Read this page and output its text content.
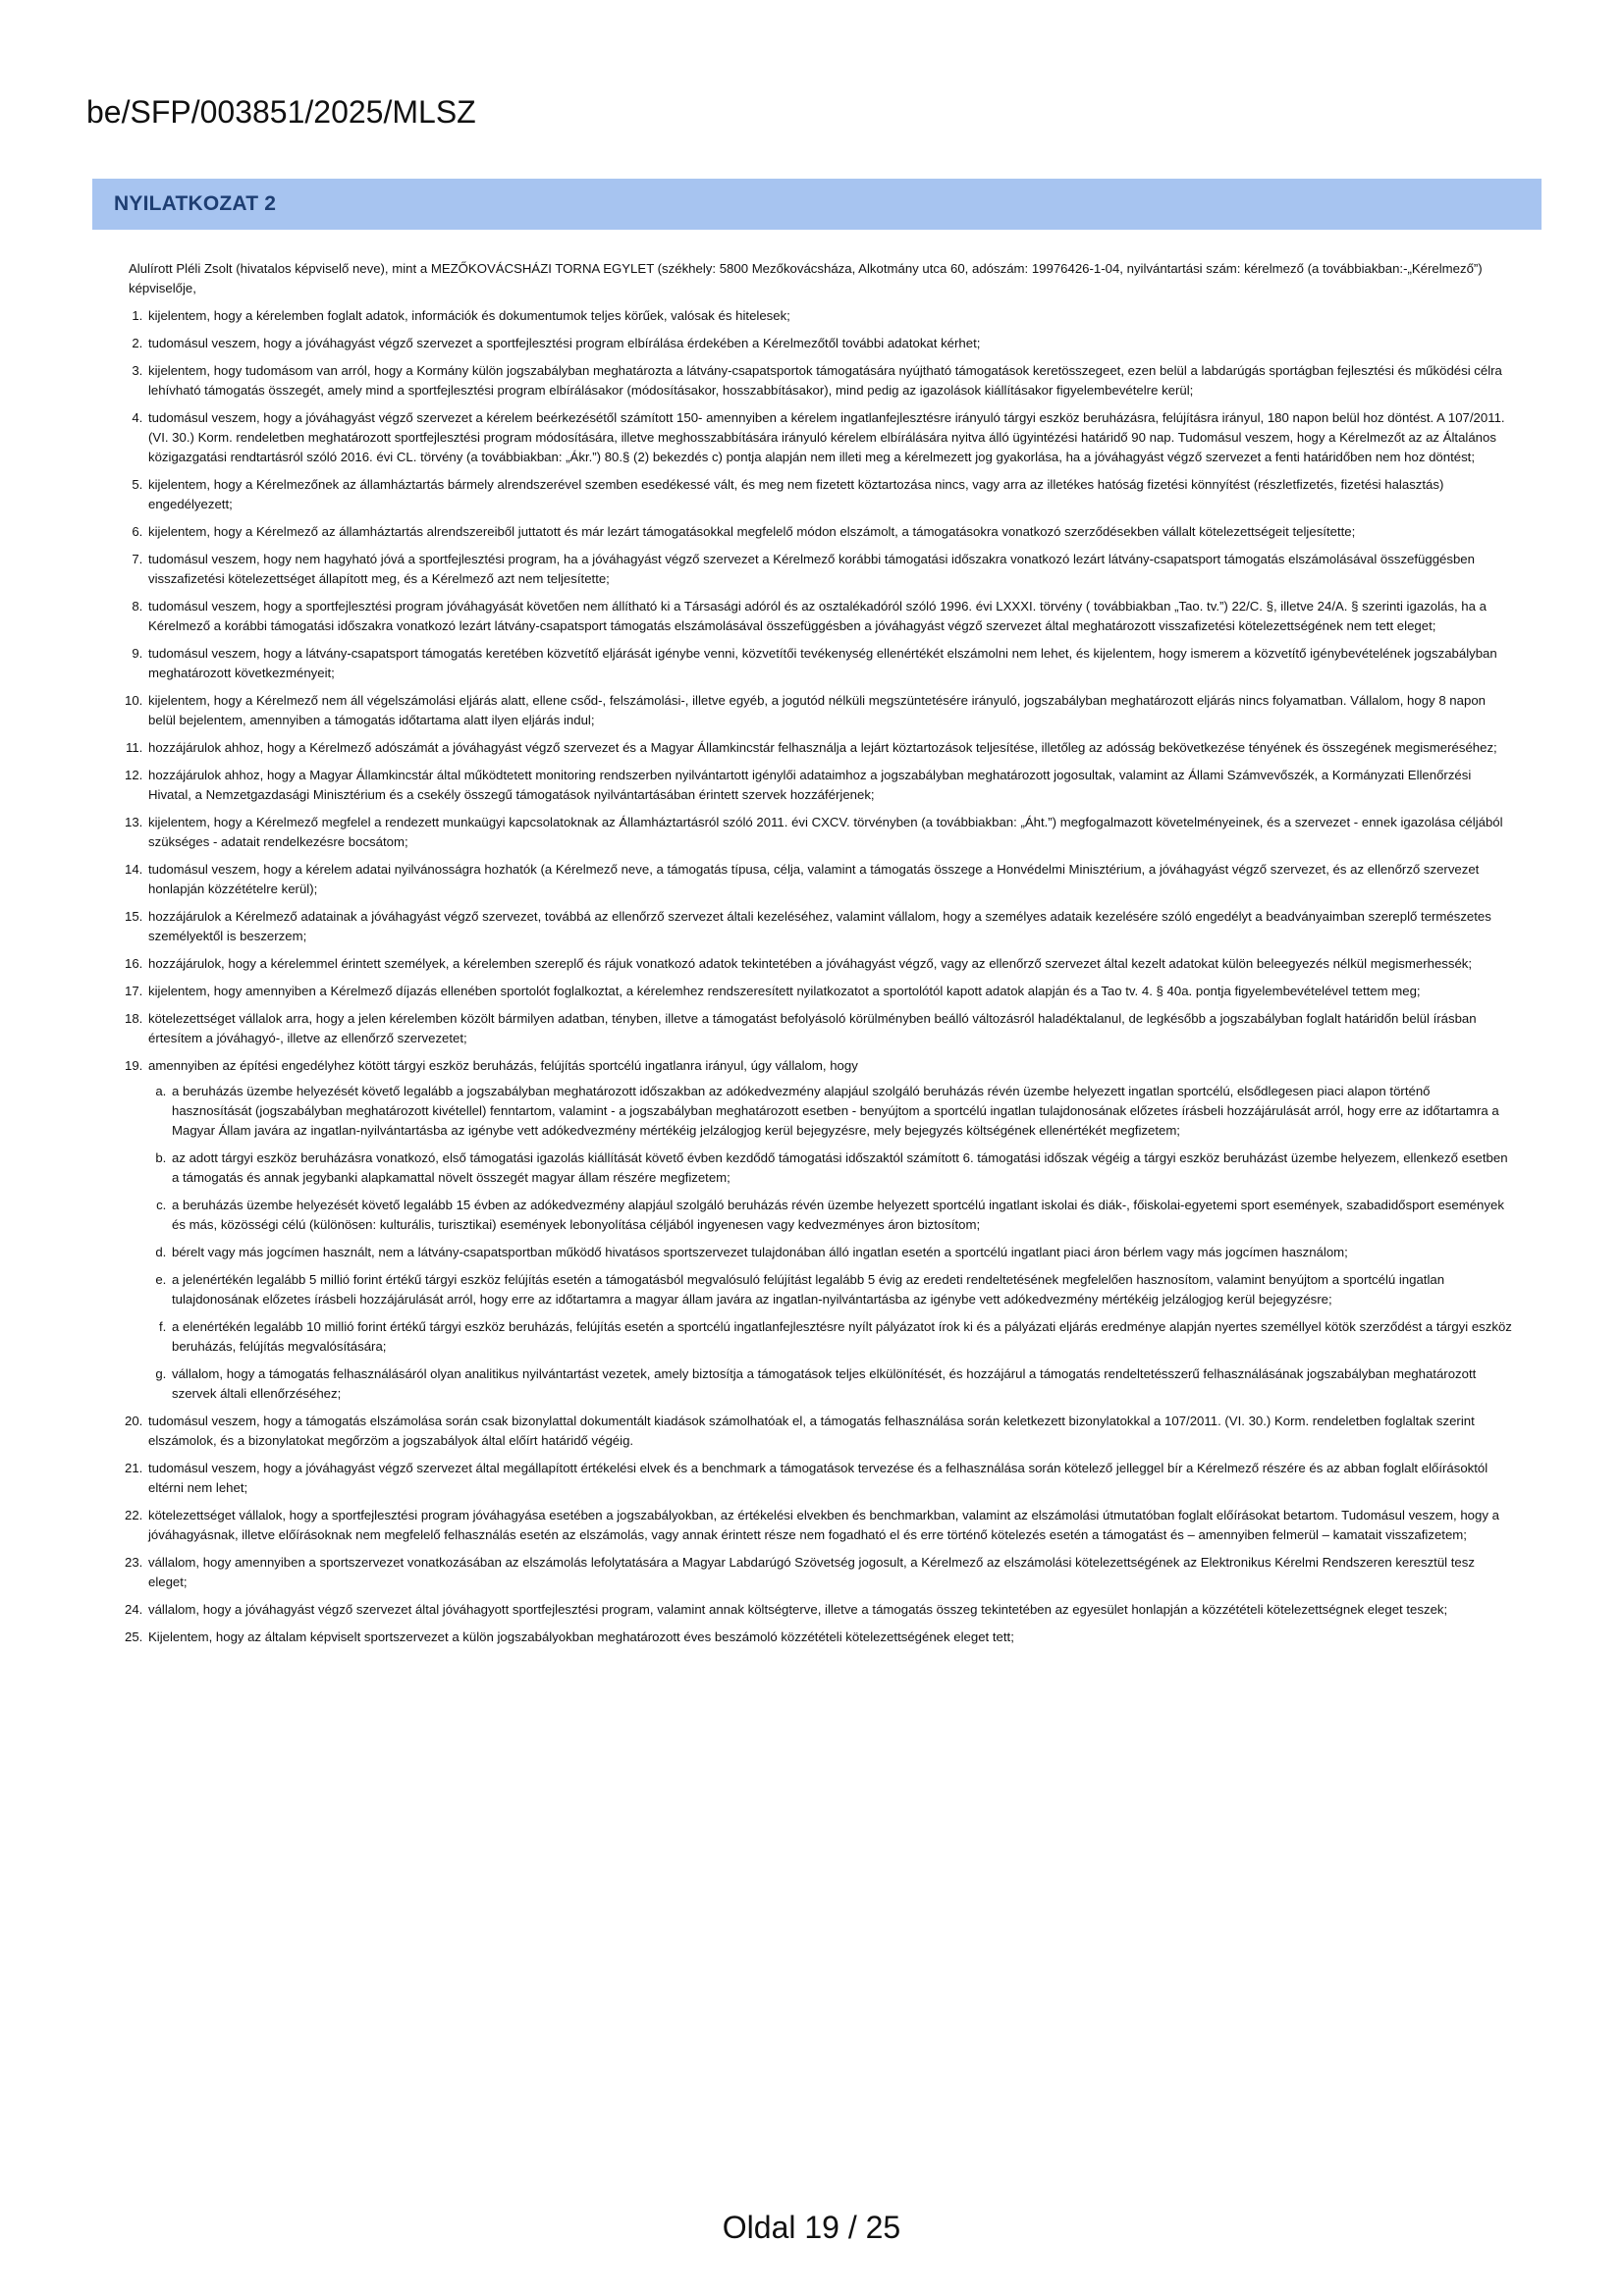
be/SFP/003851/2025/MLSZ
NYILATKOZAT 2

Alulírott Pléli Zsolt (hivatalos képviselő neve), mint a MEZŐKOVÁCSHÁZI TORNA EGYLET (székhely: 5800 Mezőkovácsháza, Alkotmány utca 60, adószám: 19976426-1-04, nyilvántartási szám: kérelmező (a továbbiakban:-„Kérelmező”) képviselője,

1. kijelentem, hogy a kérelemben foglalt adatok, információk és dokumentumok teljes körűek, valósak és hitelesek;
2. tudomásul veszem, hogy a jóváhagyást végző szervezet a sportfejlesztési program elbírálása érdekében a Kérelmezőtől további adatokat kérhet;
3. kijelentem, hogy tudomásom van arról, hogy a Kormány külön jogszabályban meghatározta a látvány-csapatsportok támogatására nyújtható támogatások keretösszegeet, ezen belül a labdarúgás sportágban fejlesztési és működési célra lehívható támogatás összegét, amely mind a sportfejlesztési program elbírálásakor (módosításakor, hosszabbításakor), mind pedig az igazolások kiállításakor figyelembevételre kerül;
4. tudomásul veszem, hogy a jóváhagyást végző szervezet a kérelem beérkezésétől számított 150- amennyiben a kérelem ingatlanfejlesztésre irányuló tárgyi eszköz beruházásra, felújításra irányul, 180 napon belül hoz döntést. A 107/2011. (VI. 30.) Korm. rendeletben meghatározott sportfejlesztési program módosítására, illetve meghosszabbítására irányuló kérelem elbírálására nyitva álló ügyintézési határidő 90 nap. Tudomásul veszem, hogy a Kérelmezőt az az Általános közigazgatási rendtartásról szóló 2016. évi CL. törvény (a továbbiakban: „Ákr.”) 80.§ (2) bekezdés c) pontja alapján nem illeti meg a kérelmezett jog gyakorlása, ha a jóváhagyást végző szervezet a fenti határidőben nem hoz döntést;
5. kijelentem, hogy a Kérelmezőnek az államháztartás bármely alrendszerével szemben esedékessé vált, és meg nem fizetett köztartozása nincs, vagy arra az illetékes hatóság fizetési könnyítést (részletfizetés, fizetési halasztás) engedélyezett;
6. kijelentem, hogy a Kérelmező az államháztartás alrendszereiből juttatott és már lezárt támogatásokkal megfelelő módon elszámolt, a támogatásokra vonatkozó szerződésekben vállalt kötelezettségeit teljesítette;
7. tudomásul veszem, hogy nem hagyható jóvá a sportfejlesztési program, ha a jóváhagyást végző szervezet a Kérelmező korábbi támogatási időszakra vonatkozó lezárt látvány-csapatsport támogatás elszámolásával összefüggésben visszafizetési kötelezettséget állapított meg, és a Kérelmező azt nem teljesítette;
8. tudomásul veszem, hogy a sportfejlesztési program jóváhagyását követően nem állítható ki a Társasági adóról és az osztalékadóról szóló 1996. évi LXXXI. törvény ( továbbiakban „Tao. tv.”) 22/C. §, illetve 24/A. § szerinti igazolás, ha a Kérelmező a korábbi támogatási időszakra vonatkozó lezárt látvány-csapatsport támogatás elszámolásával összefüggésben a jóváhagyást végző szervezet által meghatározott visszafizetési kötelezettségének nem tett eleget;
9. tudomásul veszem, hogy a látvány-csapatsport támogatás keretében közvetítő eljárását igénybe venni, közvetítői tevékenység ellenértékét elszámolni nem lehet, és kijelentem, hogy ismerem a közvetítő igénybevételének jogszabályban meghatározott következményeit;
10. kijelentem, hogy a Kérelmező nem áll végelszámolási eljárás alatt, ellene csőd-, felszámolási-, illetve egyéb, a jogutód nélküli megszüntetésére irányuló, jogszabályban meghatározott eljárás nincs folyamatban. Vállalom, hogy 8 napon belül bejelentem, amennyiben a támogatás időtartama alatt ilyen eljárás indul;
11. hozzájárulok ahhoz, hogy a Kérelmező adószámát a jóváhagyást végző szervezet és a Magyar Államkincstár felhasználja a lejárt köztartozások teljesítése, illetőleg az adósság bekövetkezése tényének és összegének megismeréséhez;
12. hozzájárulok ahhoz, hogy a Magyar Államkincstár által működtetett monitoring rendszerben nyilvántartott igénylői adataimhoz a jogszabályban meghatározott jogosultak, valamint az Állami Számvevőszék, a Kormányzati Ellenőrzési Hivatal, a Nemzetgazdasági Minisztérium és a csekély összegű támogatások nyilvántartásában érintett szervek hozzáférjenek;
13. kijelentem, hogy a Kérelmező megfelel a rendezett munkaügyi kapcsolatoknak az Államháztartásról szóló 2011. évi CXCV. törvényben (a továbbiakban: „Áht.”) megfogalmazott követelményeinek, és a szervezet - ennek igazolása céljából szükséges - adatait rendelkezésre bocsátom;
14. tudomásul veszem, hogy a kérelem adatai nyilvánosságra hozhatók (a Kérelmező neve, a támogatás típusa, célja, valamint a támogatás összege a Honvédelmi Minisztérium, a jóváhagyást végző szervezet, és az ellenőrző szervezet honlapján közzétételre kerül);
15. hozzájárulok a Kérelmező adatainak a jóváhagyást végző szervezet, továbbá az ellenőrző szervezet általi kezeléséhez, valamint vállalom, hogy a személyes adataik kezelésére szóló engedélyt a beadványaimban szereplő természetes személyektől is beszerzem;
16. hozzájárulok, hogy a kérelemmel érintett személyek, a kérelemben szereplő és rájuk vonatkozó adatok tekintetében a jóváhagyást végző, vagy az ellenőrző szervezet által kezelt adatokat külön beleegyezés nélkül megismerhessék;
17. kijelentem, hogy amennyiben a Kérelmező díjazás ellenében sportolót foglalkoztat, a kérelemhez rendszeresített nyilatkozatot a sportolótól kapott adatok alapján és a Tao tv. 4. § 40a. pontja figyelembevételével tettem meg;
18. kötelezettséget vállalok arra, hogy a jelen kérelemben közölt bármilyen adatban, tényben, illetve a támogatást befolyásoló körülményben beálló változásról haladéktalanul, de legkésőbb a jogszabályban foglalt határidőn belül írásban értesítem a jóváhagyó-, illetve az ellenőrző szervezetet;
19. amennyiben az építési engedélyhez kötött tárgyi eszköz beruházás, felújítás sportcélú ingatlanra irányul, úgy vállalom, hogy
a. a beruházás üzembe helyezését követő legalább a jogszabályban meghatározott időszakban az adókedvezmény alapjául szolgáló beruházás révén üzembe helyezett ingatlan sportcélú, elsődlegesen piaci alapon történő hasznosítását (jogszabályban meghatározott kivétellel) fenntartom, valamint - a jogszabályban meghatározott esetben - benyújtom a sportcélú ingatlan tulajdonosának előzetes írásbeli hozzájárulását arról, hogy erre az időtartamra a Magyar Állam javára az ingatlan-nyilvántartásba az igénybe vett adókedvezmény mértékéig jelzálogjog kerül bejegyzésre, mely bejegyzés költségének ellenértékét megfizetem;
b. az adott tárgyi eszköz beruházásra vonatkozó, első támogatási igazolás kiállítását követő évben kezdődő támogatási időszaktól számított 6. támogatási időszak végéig a tárgyi eszköz beruházást üzembe helyezem, ellenkező esetben a támogatás és annak jegybanki alapkamattal növelt összegét magyar állam részére megfizetem;
c. a beruházás üzembe helyezését követő legalább 15 évben az adókedvezmény alapjául szolgáló beruházás révén üzembe helyezett sportcélú ingatlant iskolai és diák-, főiskolai-egyetemi sport események, szabadidősport események és más, közösségi célú (különösen: kulturális, turisztikai) események lebonyolítása céljából ingyenesen vagy kedvezményes áron biztosítom;
d. bérelt vagy más jogcímen használt, nem a látvány-csapatsportban működő hivatásos sportszervezet tulajdonában álló ingatlan esetén a sportcélú ingatlant piaci áron bérlem vagy más jogcímen használom;
e. a jelenértékén legalább 5 millió forint értékű tárgyi eszköz felújítás esetén a támogatásból megvalósuló felújítást legalább 5 évig az eredeti rendeltetésének megfelelően hasznosítom, valamint benyújtom a sportcélú ingatlan tulajdonosának előzetes írásbeli hozzájárulását arról, hogy erre az időtartamra a magyar állam javára az ingatlan-nyilvántartásba az igénybe vett adókedvezmény mértékéig jelzálogjog kerül bejegyzésre;
f. a elenértékén legalább 10 millió forint értékű tárgyi eszköz beruházás, felújítás esetén a sportcélú ingatlanfejlesztésre nyílt pályázatot írok ki és a pályázati eljárás eredménye alapján nyertes személlyel kötök szerződést a tárgyi eszköz beruházás, felújítás megvalósítására;
g. vállalom, hogy a támogatás felhasználásáról olyan analitikus nyilvántartást vezetek, amely biztosítja a támogatások teljes elkülönítését, és hozzájárul a támogatás rendeltetésszerű felhasználásának jogszabályban meghatározott szervek általi ellenőrzéséhez;
20. tudomásul veszem, hogy a támogatás elszámolása során csak bizonylattal dokumentált kiadások számolhatóak el, a támogatás felhasználása során keletkezett bizonylatokkal a 107/2011. (VI. 30.) Korm. rendeletben foglaltak szerint elszámolok, és a bizonylatokat megőrzöm a jogszabályok által előírt határidő végéig.
21. tudomásul veszem, hogy a jóváhagyást végző szervezet által megállapított értékelési elvek és a benchmark a támogatások tervezése és a felhasználása során kötelező jelleggel bír a Kérelmező részére és az abban foglalt előírásoktól eltérni nem lehet;
22. kötelezettséget vállalok, hogy a sportfejlesztési program jóváhagyása esetében a jogszabályokban, az értékelési elvekben és benchmarkban, valamint az elszámolási útmutatóban foglalt előírásokat betartom. Tudomásul veszem, hogy a jóváhagyásnak, illetve előírásoknak nem megfelelő felhasználás esetén az elszámolás, vagy annak érintett része nem fogadható el és erre történő kötelezés esetén a támogatást és – amennyiben felmerül – kamatait visszafizetem;
23. vállalom, hogy amennyiben a sportszervezet vonatkozásában az elszámolás lefolytatására a Magyar Labdarúgó Szövetség jogosult, a Kérelmező az elszámolási kötelezettségének az Elektronikus Kérelmi Rendszeren keresztül tesz eleget;
24. vállalom, hogy a jóváhagyást végző szervezet által jóváhagyott sportfejlesztési program, valamint annak költségterve, illetve a támogatás összeg tekintetében az egyesület honlapján a közzétételi kötelezettségnek eleget teszek;
25. Kijelentem, hogy az általam képviselt sportszervezet a külön jogszabályokban meghatározott éves beszámoló közzétételi kötelezettségének eleget tett;
Oldal 19 / 25
